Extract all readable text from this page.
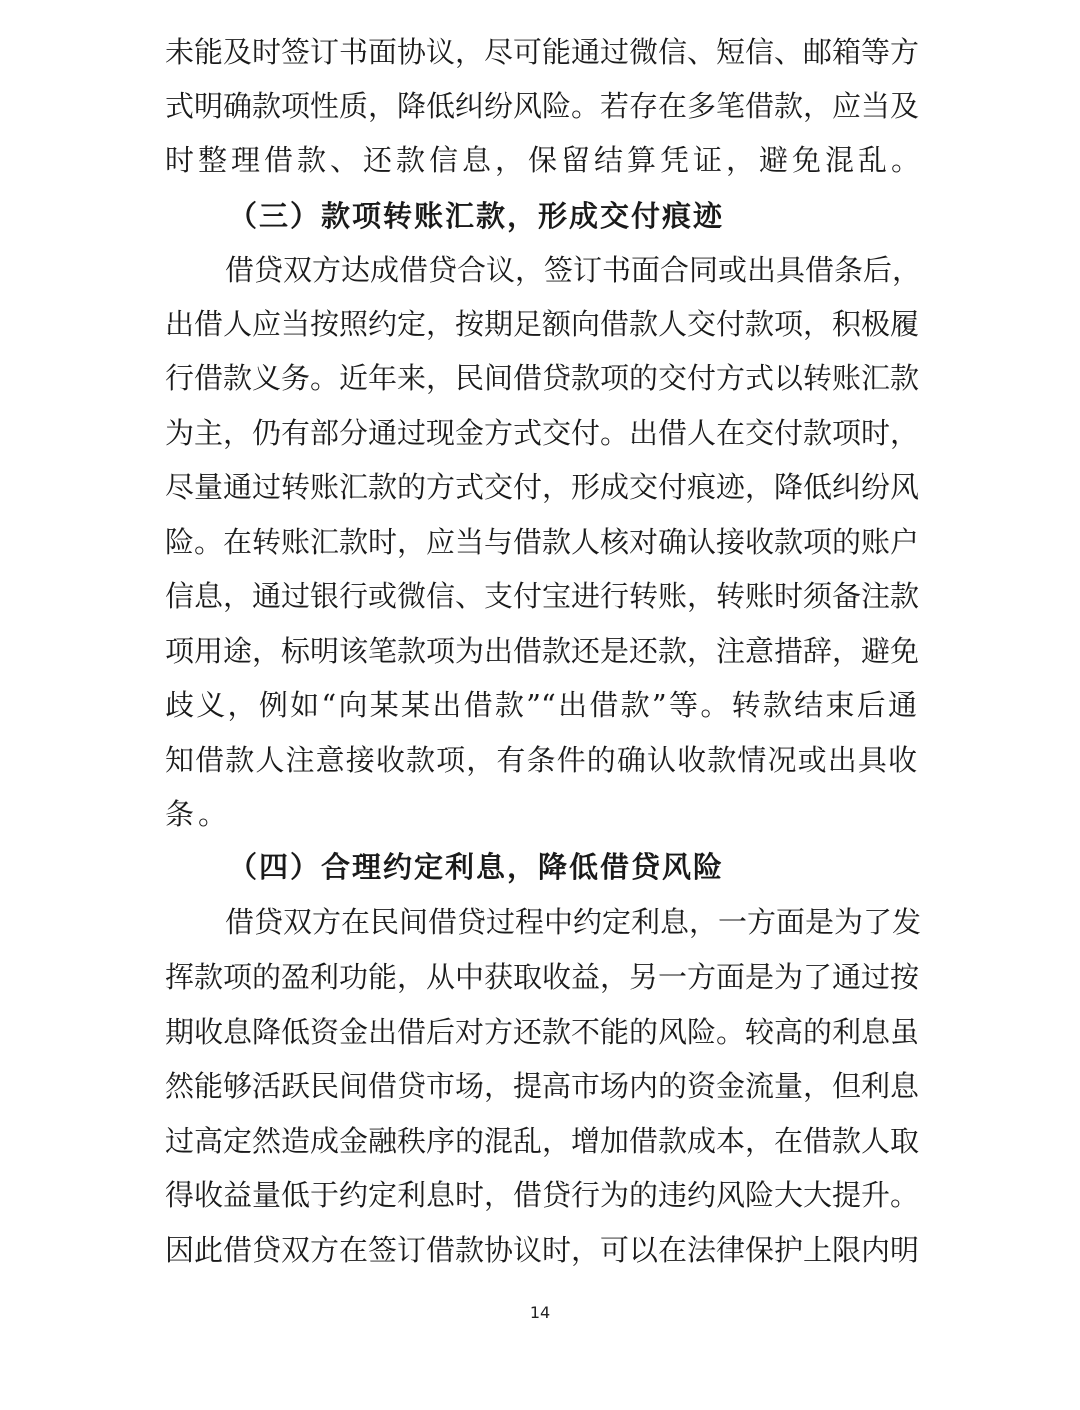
未能及时签订书面协议，尽可能通过微信、短信、邮箱等方
式明确款项性质，降低纠纷风险。若存在多笔借款，应当及
时整理借款、还款信息，保留结算凭证，避免混乱。
（三）款项转账汇款，形成交付痕迹
借贷双方达成借贷合议，签订书面合同或出具借条后，
出借人应当按照约定，按期足额向借款人交付款项，积极履
行借款义务。近年来，民间借贷款项的交付方式以转账汇款
为主，仍有部分通过现金方式交付。出借人在交付款项时，
尽量通过转账汇款的方式交付，形成交付痕迹，降低纠纷风
险。在转账汇款时，应当与借款人核对确认接收款项的账户
信息，通过银行或微信、支付宝进行转账，转账时须备注款
项用途，标明该笔款项为出借款还是还款，注意措辞，避免
歧义，例如“向某某出借款”“出借款”等。转款结束后通
知借款人注意接收款项，有条件的确认收款情况或出具收
条。
（四）合理约定利息，降低借贷风险
借贷双方在民间借贷过程中约定利息，一方面是为了发
挥款项的盈利功能，从中获取收益，另一方面是为了通过按
期收息降低资金出借后对方还款不能的风险。较高的利息虽
然能够活跃民间借贷市场，提高市场内的资金流量，但利息
过高定然造成金融秩序的混乱，增加借款成本，在借款人取
得收益量低于约定利息时，借贷行为的违约风险大大提升。
因此借贷双方在签订借款协议时，可以在法律保护上限内明
14
